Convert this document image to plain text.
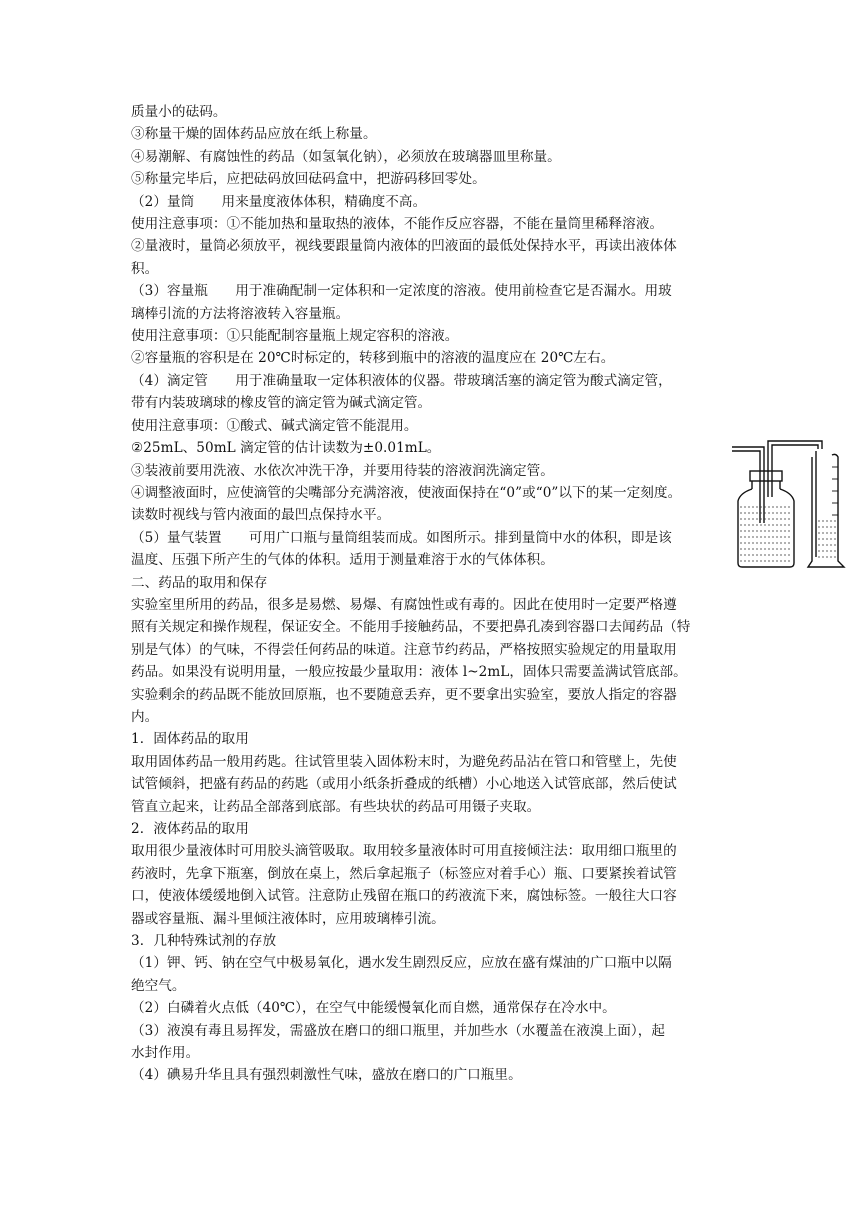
质量小的砝码。

③称量干燥的固体药品应放在纸上称量。

④易潮解、有腐蚀性的药品（如氢氧化钠），必须放在玻璃器皿里称量。

⑤称量完毕后，应把砝码放回砝码盒中，把游码移回零处。

（2）量筒　　用来量度液体体积，精确度不高。

使用注意事项：①不能加热和量取热的液体，不能作反应容器，不能在量筒里稀释溶液。

②量液时，量筒必须放平，视线要跟量筒内液体的凹液面的最低处保持水平，再读出液体体

积。

（3）容量瓶　　用于准确配制一定体积和一定浓度的溶液。使用前检查它是否漏水。用玻

璃棒引流的方法将溶液转入容量瓶。

使用注意事项：①只能配制容量瓶上规定容积的溶液。

②容量瓶的容积是在 20℃时标定的，转移到瓶中的溶液的温度应在 20℃左右。

（4）滴定管　　用于准确量取一定体积液体的仪器。带玻璃活塞的滴定管为酸式滴定管，

带有内装玻璃球的橡皮管的滴定管为碱式滴定管。

使用注意事项：①酸式、碱式滴定管不能混用。

②25mL、50mL 滴定管的估计读数为±0.01mL。

③装液前要用洗液、水依次冲洗干净，并要用待装的溶液润洗滴定管。

④调整液面时，应使滴管的尖嘴部分充满溶液，使液面保持在“0”或“0”以下的某一定刻度。

读数时视线与管内液面的最凹点保持水平。

（5）量气装置　　可用广口瓶与量筒组装而成。如图所示。排到量筒中水的体积，即是该

温度、压强下所产生的气体的体积。适用于测量难溶于水的气体体积。

二、药品的取用和保存

实验室里所用的药品，很多是易燃、易爆、有腐蚀性或有毒的。因此在使用时一定要严格遵

照有关规定和操作规程，保证安全。不能用手接触药品，不要把鼻孔凑到容器口去闻药品（特

别是气体）的气味，不得尝任何药品的味道。注意节约药品，严格按照实验规定的用量取用

药品。如果没有说明用量，一般应按最少量取用：液体 l~2mL，固体只需要盖满试管底部。

实验剩余的药品既不能放回原瓶，也不要随意丢弃，更不要拿出实验室，要放人指定的容器

内。

1．固体药品的取用

取用固体药品一般用药匙。往试管里装入固体粉末时，为避免药品沾在管口和管壁上，先使

试管倾斜，把盛有药品的药匙（或用小纸条折叠成的纸槽）小心地送入试管底部，然后使试

管直立起来，让药品全部落到底部。有些块状的药品可用镊子夹取。

2．液体药品的取用

取用很少量液体时可用胶头滴管吸取。取用较多量液体时可用直接倾注法：取用细口瓶里的

药液时，先拿下瓶塞，倒放在桌上，然后拿起瓶子（标签应对着手心）瓶、口要紧挨着试管

口，使液体缓缓地倒入试管。注意防止残留在瓶口的药液流下来，腐蚀标签。一般往大口容

器或容量瓶、漏斗里倾注液体时，应用玻璃棒引流。

3．几种特殊试剂的存放

（1）钾、钙、钠在空气中极易氧化，遇水发生剧烈反应，应放在盛有煤油的广口瓶中以隔

绝空气。

（2）白磷着火点低（40℃），在空气中能缓慢氧化而自燃，通常保存在冷水中。

（3）液溴有毒且易挥发，需盛放在磨口的细口瓶里，并加些水（水覆盖在液溴上面），起

水封作用。

（4）碘易升华且具有强烈刺激性气味，盛放在磨口的广口瓶里。
